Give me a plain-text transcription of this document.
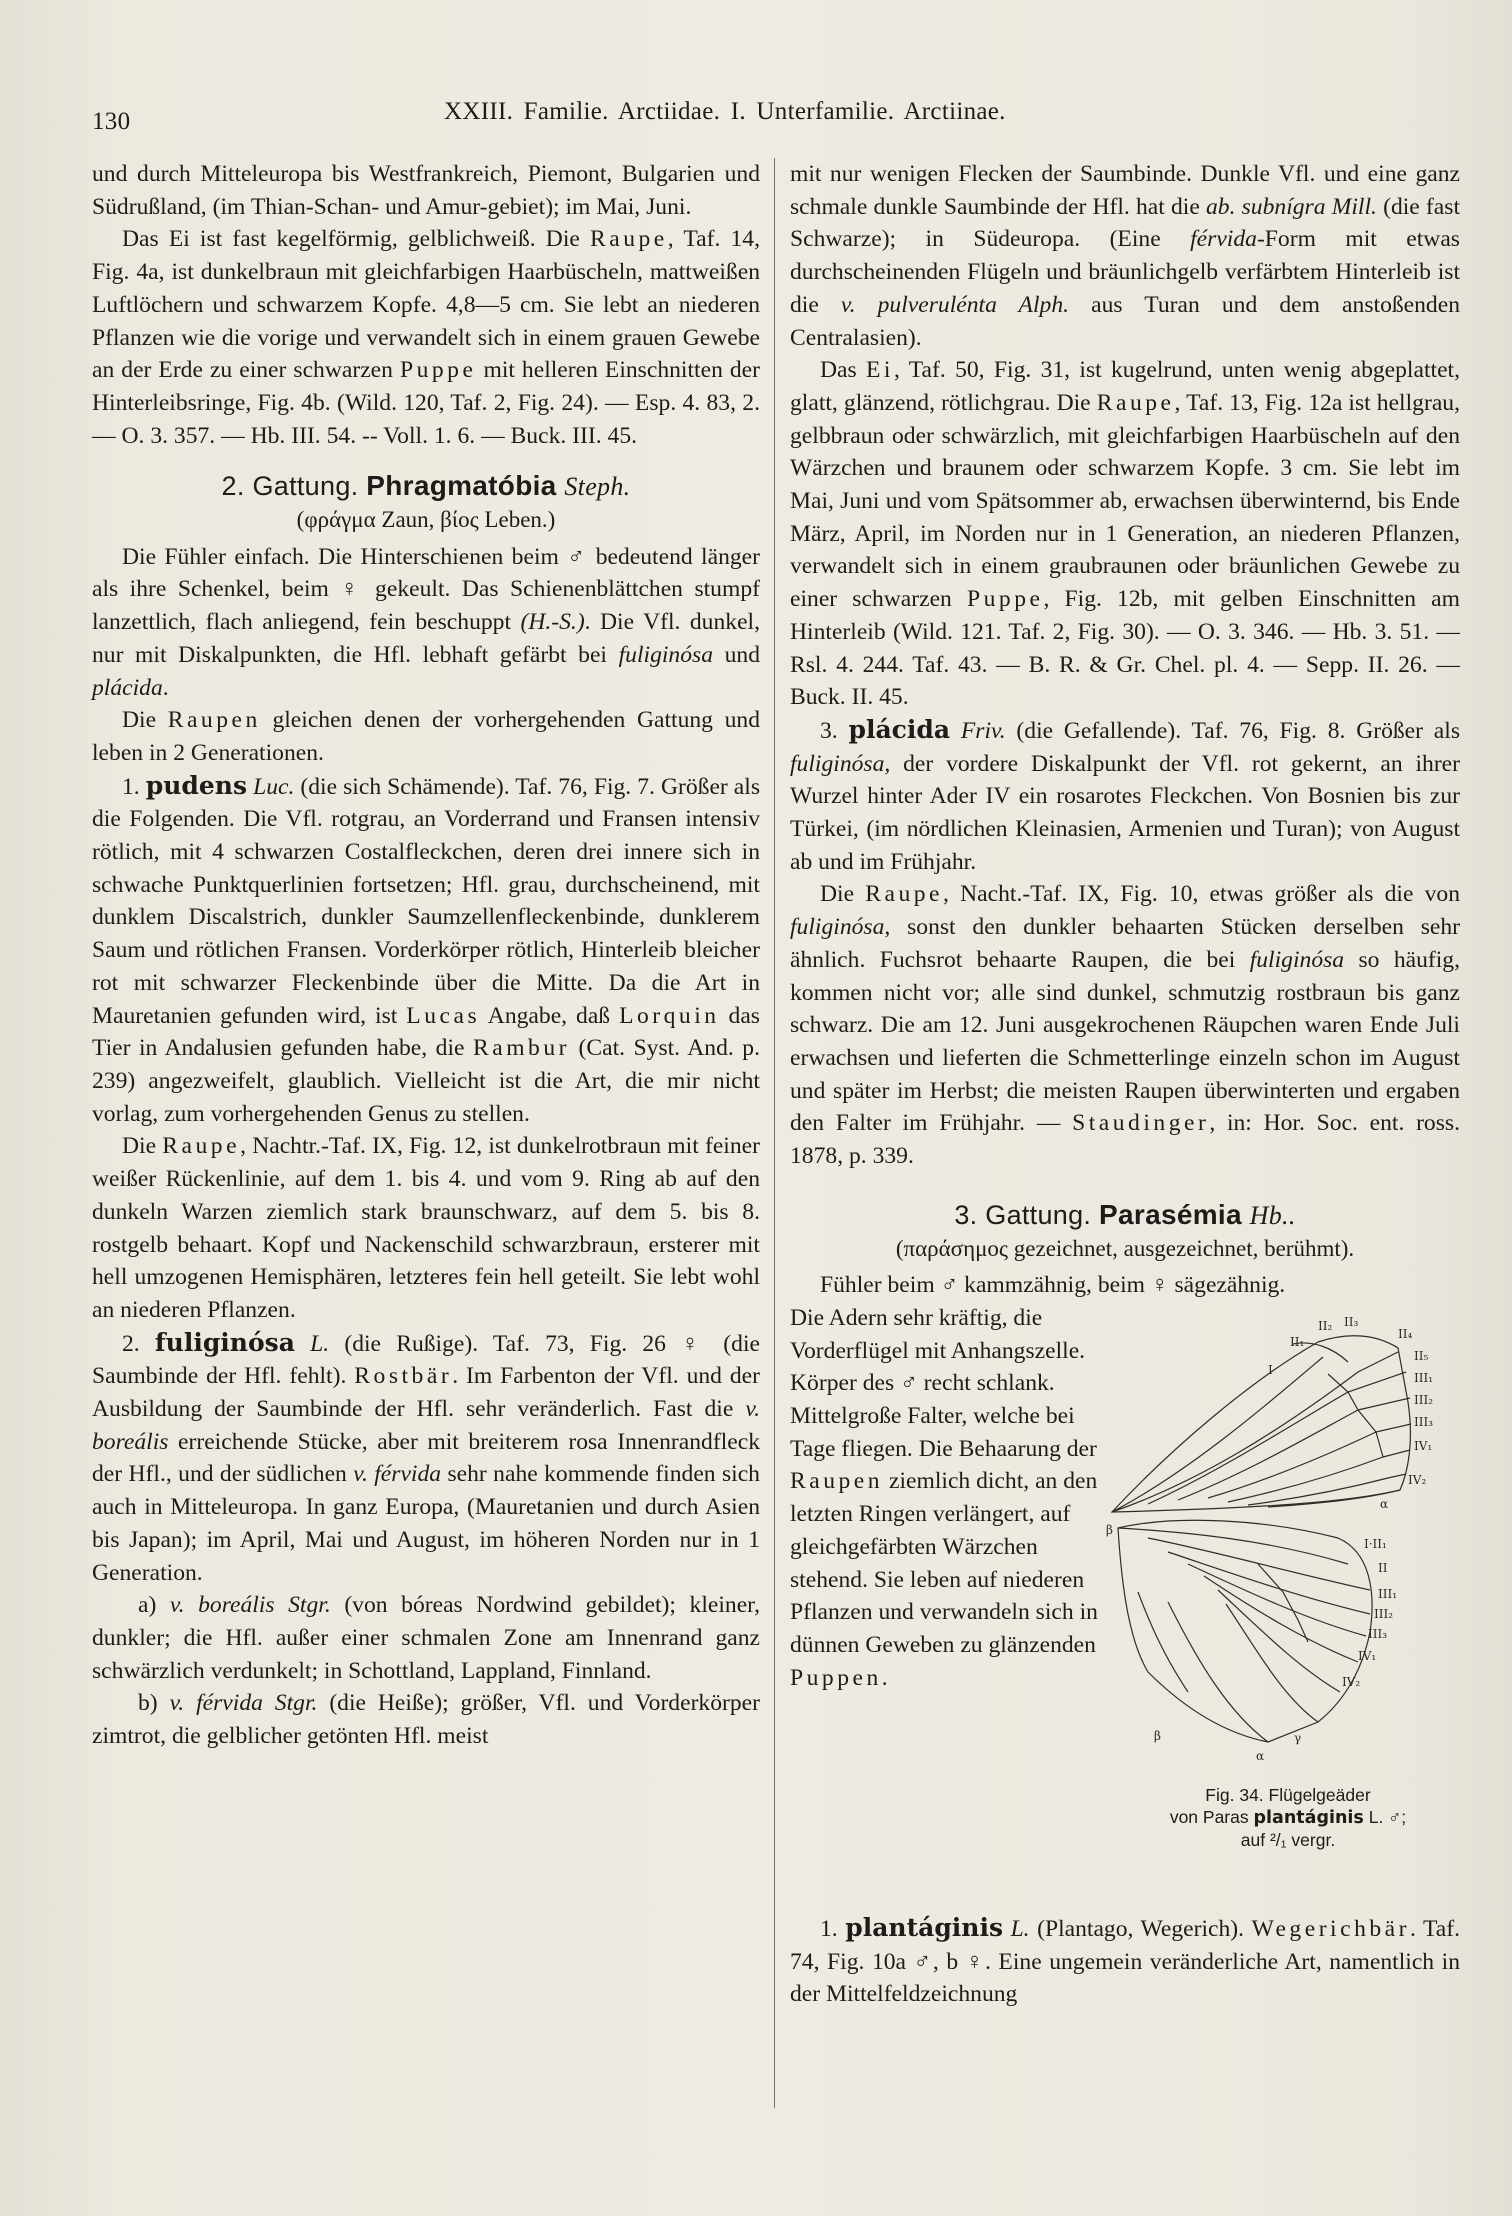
130	XXIII. Familie. Arctiidae. I. Unterfamilie. Arctiinae.

und durch Mitteleuropa bis Westfrankreich, Piemont, Bulgarien und Südrußland, (im Thian-Schan- und Amur-gebiet); im Mai, Juni.

Das Ei ist fast kegelförmig, gelblichweiß. Die Raupe, Taf. 14, Fig. 4a, ist dunkelbraun mit gleichfarbigen Haarbüscheln, mattweißen Luftlöchern und schwarzem Kopfe. 4,8—5 cm. Sie lebt an niederen Pflanzen wie die vorige und verwandelt sich in einem grauen Gewebe an der Erde zu einer schwarzen Puppe mit helleren Einschnitten der Hinterleibsringe, Fig. 4b. (Wild. 120, Taf. 2, Fig. 24). — Esp. 4. 83, 2. — O. 3. 357. — Hb. III. 54. -- Voll. 1. 6. — Buck. III. 45.

2. Gattung. Phragmatóbia Steph.
(φράγμα Zaun, βίος Leben.)

Die Fühler einfach. Die Hinterschienen beim ♂ bedeutend länger als ihre Schenkel, beim ♀ gekeult. Das Schienenblättchen stumpf lanzettlich, flach anliegend, fein beschuppt (H.-S.). Die Vfl. dunkel, nur mit Diskalpunkten, die Hfl. lebhaft gefärbt bei fuliginósa und plácida.

Die Raupen gleichen denen der vorhergehenden Gattung und leben in 2 Generationen.

1. pudens Luc. (die sich Schämende). Taf. 76, Fig. 7. Größer als die Folgenden. Die Vfl. rotgrau, an Vorderrand und Fransen intensiv rötlich, mit 4 schwarzen Costalfleckchen, deren drei innere sich in schwache Punktquerlinien fortsetzen; Hfl. grau, durchscheinend, mit dunklem Discalstrich, dunkler Saumzellenfleckenbinde, dunklerem Saum und rötlichen Fransen. Vorderkörper rötlich, Hinterleib bleicher rot mit schwarzer Fleckenbinde über die Mitte. Da die Art in Mauretanien gefunden wird, ist Lucas Angabe, daß Lorquin das Tier in Andalusien gefunden habe, die Rambur (Cat. Syst. And. p. 239) angezweifelt, glaublich. Vielleicht ist die Art, die mir nicht vorlag, zum vorhergehenden Genus zu stellen.

Die Raupe, Nachtr.-Taf. IX, Fig. 12, ist dunkelrotbraun mit feiner weißer Rückenlinie, auf dem 1. bis 4. und vom 9. Ring ab auf den dunkeln Warzen ziemlich stark braunschwarz, auf dem 5. bis 8. rostgelb behaart. Kopf und Nackenschild schwarzbraun, ersterer mit hell umzogenen Hemisphären, letzteres fein hell geteilt. Sie lebt wohl an niederen Pflanzen.

2. fuliginósa L. (die Rußige). Taf. 73, Fig. 26 ♀ (die Saumbinde der Hfl. fehlt). Rostbär. Im Farbenton der Vfl. und der Ausbildung der Saumbinde der Hfl. sehr veränderlich. Fast die v. boreális erreichende Stücke, aber mit breiterem rosa Innenrandfleck der Hfl., und der südlichen v. férvida sehr nahe kommende finden sich auch in Mitteleuropa. In ganz Europa, (Mauretanien und durch Asien bis Japan); im April, Mai und August, im höheren Norden nur in 1 Generation.

a) v. boreális Stgr. (von bóreas Nordwind gebildet); kleiner, dunkler; die Hfl. außer einer schmalen Zone am Innenrand ganz schwärzlich verdunkelt; in Schottland, Lappland, Finnland.

b) v. férvida Stgr. (die Heiße); größer, Vfl. und Vorderkörper zimtrot, die gelblicher getönten Hfl. meist

mit nur wenigen Flecken der Saumbinde. Dunkle Vfl. und eine ganz schmale dunkle Saumbinde der Hfl. hat die ab. subnígra Mill. (die fast Schwarze); in Südeuropa. (Eine férvida-Form mit etwas durchscheinenden Flügeln und bräunlichgelb verfärbtem Hinterleib ist die v. pulverulénta Alph. aus Turan und dem anstoßenden Centralasien).

Das Ei, Taf. 50, Fig. 31, ist kugelrund, unten wenig abgeplattet, glatt, glänzend, rötlichgrau. Die Raupe, Taf. 13, Fig. 12a ist hellgrau, gelbbraun oder schwärzlich, mit gleichfarbigen Haarbüscheln auf den Wärzchen und braunem oder schwarzem Kopfe. 3 cm. Sie lebt im Mai, Juni und vom Spätsommer ab, erwachsen überwinternd, bis Ende März, April, im Norden nur in 1 Generation, an niederen Pflanzen, verwandelt sich in einem graubraunen oder bräunlichen Gewebe zu einer schwarzen Puppe, Fig. 12b, mit gelben Einschnitten am Hinterleib (Wild. 121. Taf. 2, Fig. 30). — O. 3. 346. — Hb. 3. 51. — Rsl. 4. 244. Taf. 43. — B. R. & Gr. Chel. pl. 4. — Sepp. II. 26. — Buck. II. 45.

3. plácida Friv. (die Gefallende). Taf. 76, Fig. 8. Größer als fuliginósa, der vordere Diskalpunkt der Vfl. rot gekernt, an ihrer Wurzel hinter Ader IV ein rosarotes Fleckchen. Von Bosnien bis zur Türkei, (im nördlichen Kleinasien, Armenien und Turan); von August ab und im Frühjahr.

Die Raupe, Nacht.-Taf. IX, Fig. 10, etwas größer als die von fuliginósa, sonst den dunkler behaarten Stücken derselben sehr ähnlich. Fuchsrot behaarte Raupen, die bei fuliginósa so häufig, kommen nicht vor; alle sind dunkel, schmutzig rostbraun bis ganz schwarz. Die am 12. Juni ausgekrochenen Räupchen waren Ende Juli erwachsen und lieferten die Schmetterlinge einzeln schon im August und später im Herbst; die meisten Raupen überwinterten und ergaben den Falter im Frühjahr. — Staudinger, in: Hor. Soc. ent. ross. 1878, p. 339.

3. Gattung. Parasémia Hb..
(παράσημος gezeichnet, ausgezeichnet, berühmt).

Fühler beim ♂ kammzähnig, beim ♀ sägezähnig.

Die Adern sehr kräftig, die Vorderflügel mit Anhangszelle. Körper des ♂ recht schlank. Mittelgroße Falter, welche bei Tage fliegen. Die Behaarung der Raupen ziemlich dicht, an den letzten Ringen verlängert, auf gleichgefärbten Wärzchen stehend. Sie leben auf niederen Pflanzen und verwandeln sich in dünnen Geweben zu glänzenden Puppen.

II₂ II₃
II₄
II₁
I
II₅
III₁
III₂
III₃
IV₁
IV₂
α
β
I·II₁
II
III₁
III₂
III₃
IV₁
IV₂
β
α
γ
Fig. 34. Flügelgeäder
von Paras plantáginis L. ♂;
auf ²/₁ vergr.

1. plantáginis L. (Plantago, Wegerich). Wegerichbär. Taf. 74, Fig. 10a ♂, b ♀. Eine ungemein veränderliche Art, namentlich in der Mittelfeldzeichnung
